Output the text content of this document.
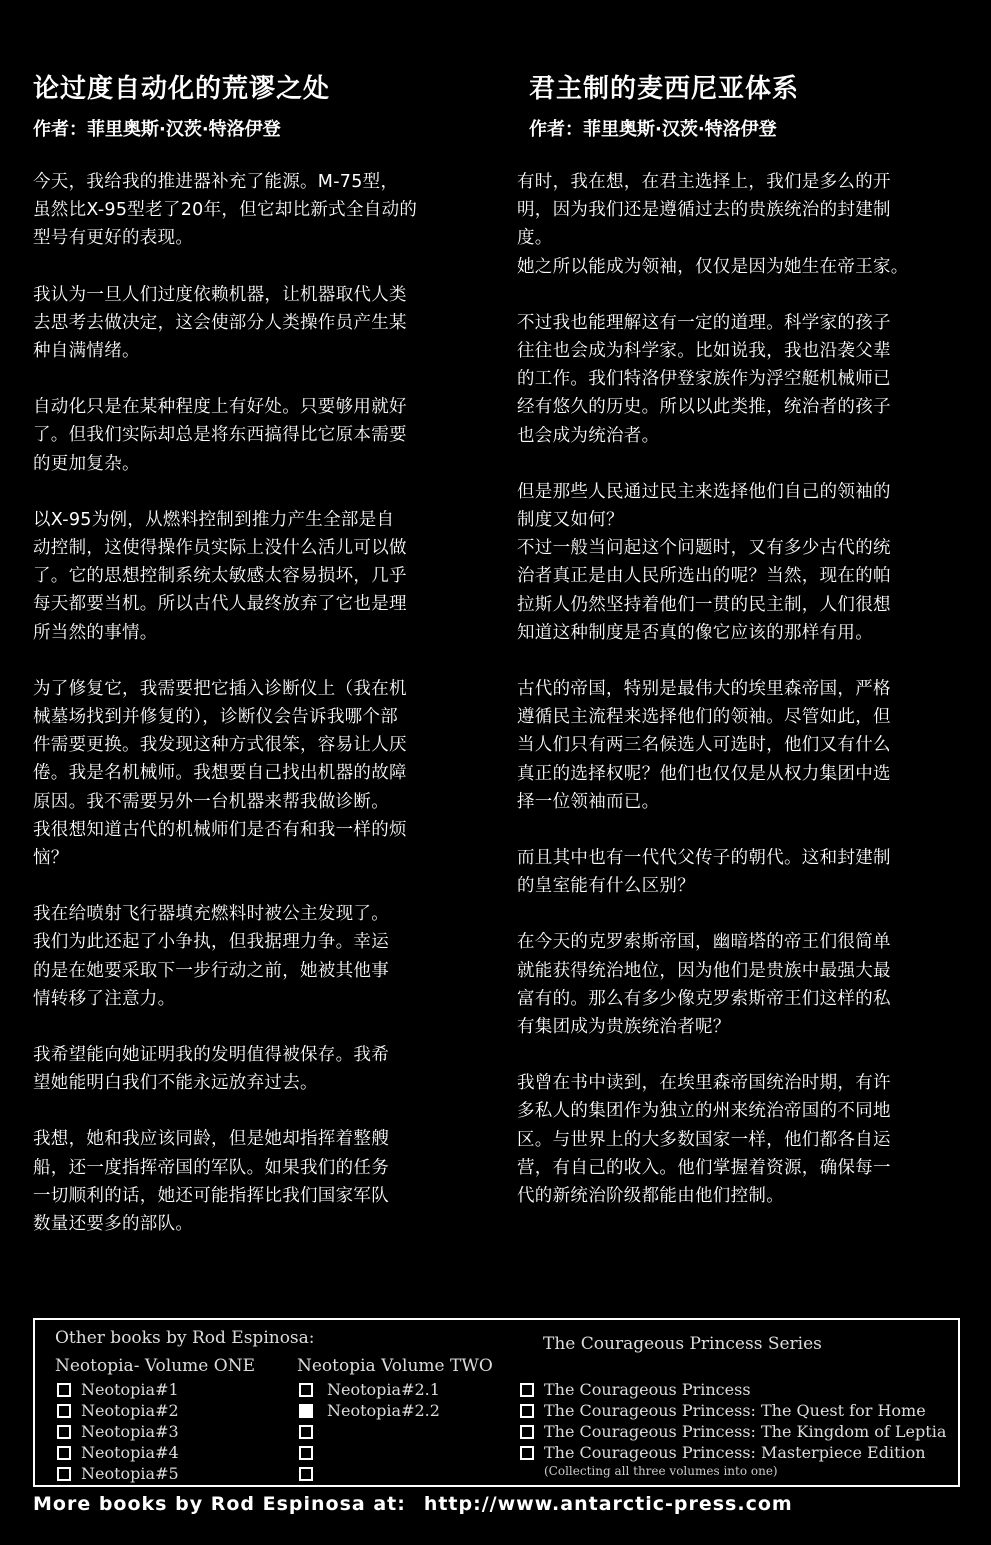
论过度自动化的荒谬之处
作者：菲里奥斯·汉茨·特洛伊登

今天，我给我的推进器补充了能源。M-75型，
虽然比X-95型老了20年，但它却比新式全自动的
型号有更好的表现。

我认为一旦人们过度依赖机器，让机器取代人类
去思考去做决定，这会使部分人类操作员产生某
种自满情绪。

自动化只是在某种程度上有好处。只要够用就好
了。但我们实际却总是将东西搞得比它原本需要
的更加复杂。

以X-95为例，从燃料控制到推力产生全部是自
动控制，这使得操作员实际上没什么活儿可以做
了。它的思想控制系统太敏感太容易损坏，几乎
每天都要当机。所以古代人最终放弃了它也是理
所当然的事情。

为了修复它，我需要把它插入诊断仪上（我在机
械墓场找到并修复的），诊断仪会告诉我哪个部
件需要更换。我发现这种方式很笨，容易让人厌
倦。我是名机械师。我想要自己找出机器的故障
原因。我不需要另外一台机器来帮我做诊断。
我很想知道古代的机械师们是否有和我一样的烦
恼？

我在给喷射飞行器填充燃料时被公主发现了。
我们为此还起了小争执，但我据理力争。幸运
的是在她要采取下一步行动之前，她被其他事
情转移了注意力。

我希望能向她证明我的发明值得被保存。我希
望她能明白我们不能永远放弃过去。

我想，她和我应该同龄，但是她却指挥着整艘
船，还一度指挥帝国的军队。如果我们的任务
一切顺利的话，她还可能指挥比我们国家军队
数量还要多的部队。

君主制的麦西尼亚体系
作者：菲里奥斯·汉茨·特洛伊登

有时，我在想，在君主选择上，我们是多么的开
明，因为我们还是遵循过去的贵族统治的封建制
度。
她之所以能成为领袖，仅仅是因为她生在帝王家。

不过我也能理解这有一定的道理。科学家的孩子
往往也会成为科学家。比如说我，我也沿袭父辈
的工作。我们特洛伊登家族作为浮空艇机械师已
经有悠久的历史。所以以此类推，统治者的孩子
也会成为统治者。

但是那些人民通过民主来选择他们自己的领袖的
制度又如何？
不过一般当问起这个问题时，又有多少古代的统
治者真正是由人民所选出的呢？当然，现在的帕
拉斯人仍然坚持着他们一贯的民主制，人们很想
知道这种制度是否真的像它应该的那样有用。

古代的帝国，特别是最伟大的埃里森帝国，严格
遵循民主流程来选择他们的领袖。尽管如此，但
当人们只有两三名候选人可选时，他们又有什么
真正的选择权呢？他们也仅仅是从权力集团中选
择一位领袖而已。

而且其中也有一代代父传子的朝代。这和封建制
的皇室能有什么区别？

在今天的克罗索斯帝国，幽暗塔的帝王们很简单
就能获得统治地位，因为他们是贵族中最强大最
富有的。那么有多少像克罗索斯帝王们这样的私
有集团成为贵族统治者呢？

我曾在书中读到，在埃里森帝国统治时期，有许
多私人的集团作为独立的州来统治帝国的不同地
区。与世界上的大多数国家一样，他们都各自运
营，有自己的收入。他们掌握着资源，确保每一
代的新统治阶级都能由他们控制。

Other books by Rod Espinosa:
Neotopia- Volume ONE
Neotopia#1
Neotopia#2
Neotopia#3
Neotopia#4
Neotopia#5
Neotopia Volume TWO
Neotopia#2.1
Neotopia#2.2
The Courageous Princess Series
The Courageous Princess
The Courageous Princess: The Quest for Home
The Courageous Princess: The Kingdom of Leptia
The Courageous Princess: Masterpiece Edition
(Collecting all three volumes into one)
More books by Rod Espinosa at: http://www.antarctic-press.com
